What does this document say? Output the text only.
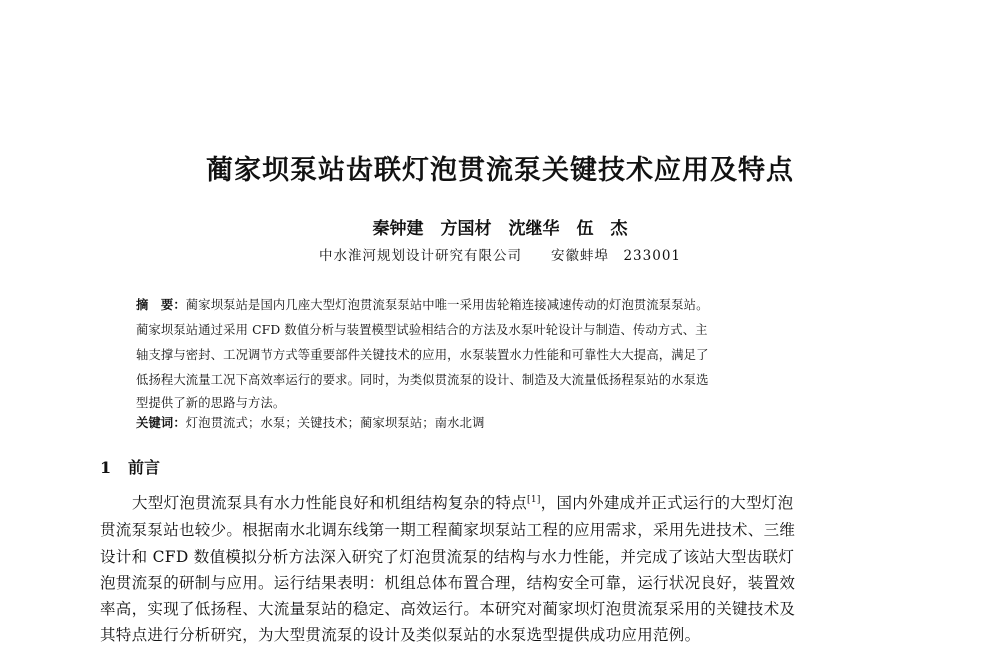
蔺家坝泵站齿联灯泡贯流泵关键技术应用及特点
秦钟建　方国材　沈继华　伍　杰
中水淮河规划设计研究有限公司　　安徽蚌埠　233001
摘　要：蔺家坝泵站是国内几座大型灯泡贯流泵泵站中唯一采用齿轮箱连接减速传动的灯泡贯流泵泵站。
蔺家坝泵站通过采用 CFD 数值分析与装置模型试验相结合的方法及水泵叶轮设计与制造、传动方式、主
轴支撑与密封、工况调节方式等重要部件关键技术的应用，水泵装置水力性能和可靠性大大提高，满足了
低扬程大流量工况下高效率运行的要求。同时，为类似贯流泵的设计、制造及大流量低扬程泵站的水泵选
型提供了新的思路与方法。
关键词：灯泡贯流式；水泵；关键技术；蔺家坝泵站；南水北调
1 前言
大型灯泡贯流泵具有水力性能良好和机组结构复杂的特点[1]，国内外建成并正式运行的大型灯泡
贯流泵泵站也较少。根据南水北调东线第一期工程蔺家坝泵站工程的应用需求，采用先进技术、三维
设计和 CFD 数值模拟分析方法深入研究了灯泡贯流泵的结构与水力性能，并完成了该站大型齿联灯
泡贯流泵的研制与应用。运行结果表明：机组总体布置合理，结构安全可靠，运行状况良好，装置效
率高，实现了低扬程、大流量泵站的稳定、高效运行。本研究对蔺家坝灯泡贯流泵采用的关键技术及
其特点进行分析研究，为大型贯流泵的设计及类似泵站的水泵选型提供成功应用范例。
